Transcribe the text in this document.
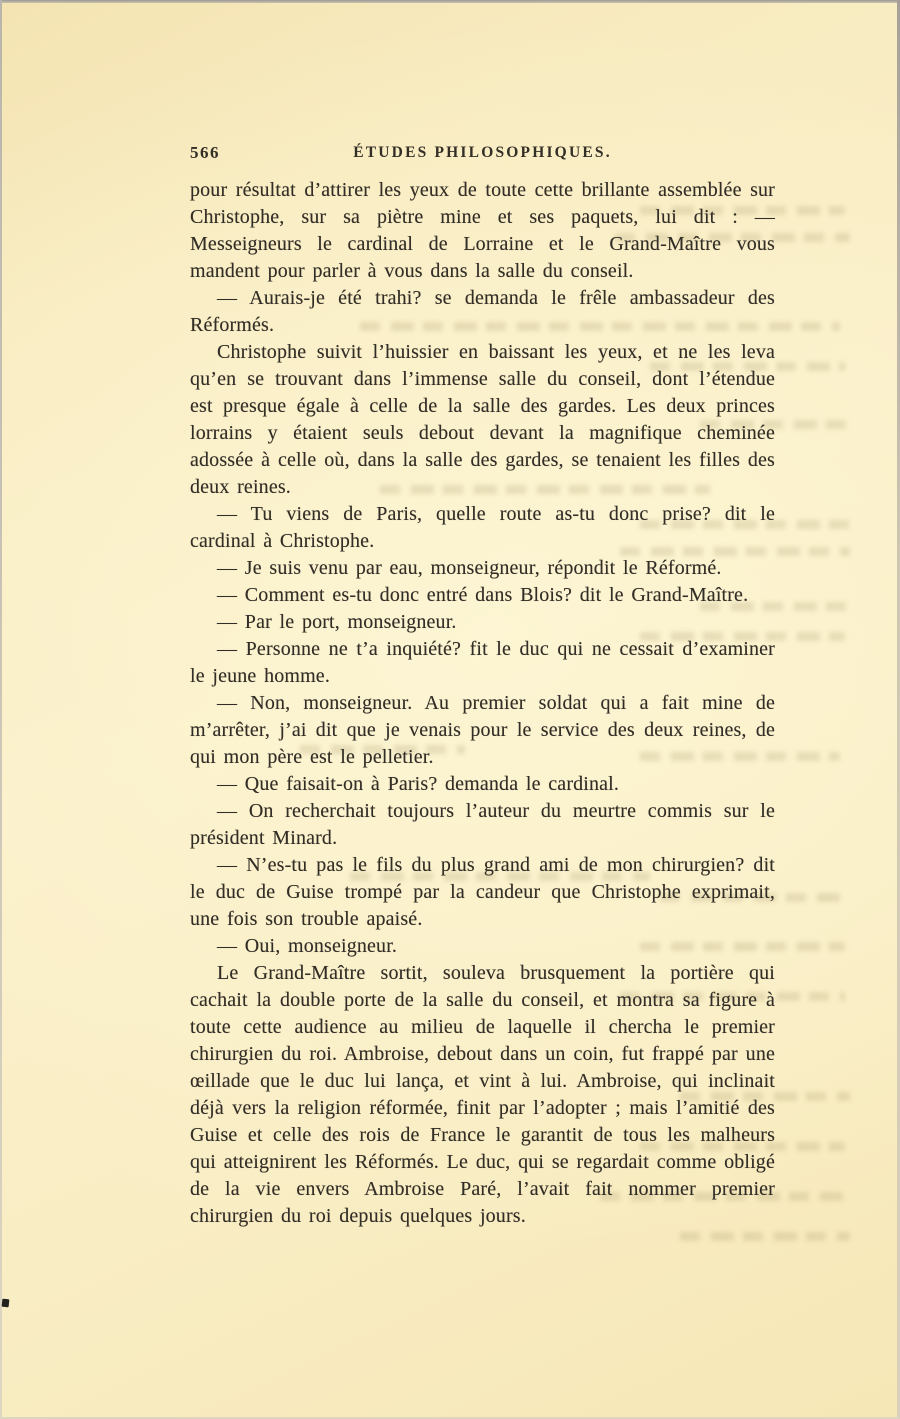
566	ÉTUDES PHILOSOPHIQUES.

pour résultat d’attirer les yeux de toute cette brillante assemblée sur Christophe, sur sa piètre mine et ses paquets, lui dit : — Messeigneurs le cardinal de Lorraine et le Grand-Maître vous mandent pour parler à vous dans la salle du conseil.

— Aurais-je été trahi? se demanda le frêle ambassadeur des Réformés.

Christophe suivit l’huissier en baissant les yeux, et ne les leva qu’en se trouvant dans l’immense salle du conseil, dont l’étendue est presque égale à celle de la salle des gardes. Les deux princes lorrains y étaient seuls debout devant la magnifique cheminée adossée à celle où, dans la salle des gardes, se tenaient les filles des deux reines.

— Tu viens de Paris, quelle route as-tu donc prise? dit le cardinal à Christophe.

— Je suis venu par eau, monseigneur, répondit le Réformé.

— Comment es-tu donc entré dans Blois? dit le Grand-Maître.

— Par le port, monseigneur.

— Personne ne t’a inquiété? fit le duc qui ne cessait d’examiner le jeune homme.

— Non, monseigneur. Au premier soldat qui a fait mine de m’arrêter, j’ai dit que je venais pour le service des deux reines, de qui mon père est le pelletier.

— Que faisait-on à Paris? demanda le cardinal.

— On recherchait toujours l’auteur du meurtre commis sur le président Minard.

— N’es-tu pas le fils du plus grand ami de mon chirurgien? dit le duc de Guise trompé par la candeur que Christophe exprimait, une fois son trouble apaisé.

— Oui, monseigneur.

Le Grand-Maître sortit, souleva brusquement la portière qui cachait la double porte de la salle du conseil, et montra sa figure à toute cette audience au milieu de laquelle il chercha le premier chirurgien du roi. Ambroise, debout dans un coin, fut frappé par une œillade que le duc lui lança, et vint à lui. Ambroise, qui inclinait déjà vers la religion réformée, finit par l’adopter ; mais l’amitié des Guise et celle des rois de France le garantit de tous les malheurs qui atteignirent les Réformés. Le duc, qui se regardait comme obligé de la vie envers Ambroise Paré, l’avait fait nommer premier chirurgien du roi depuis quelques jours.
